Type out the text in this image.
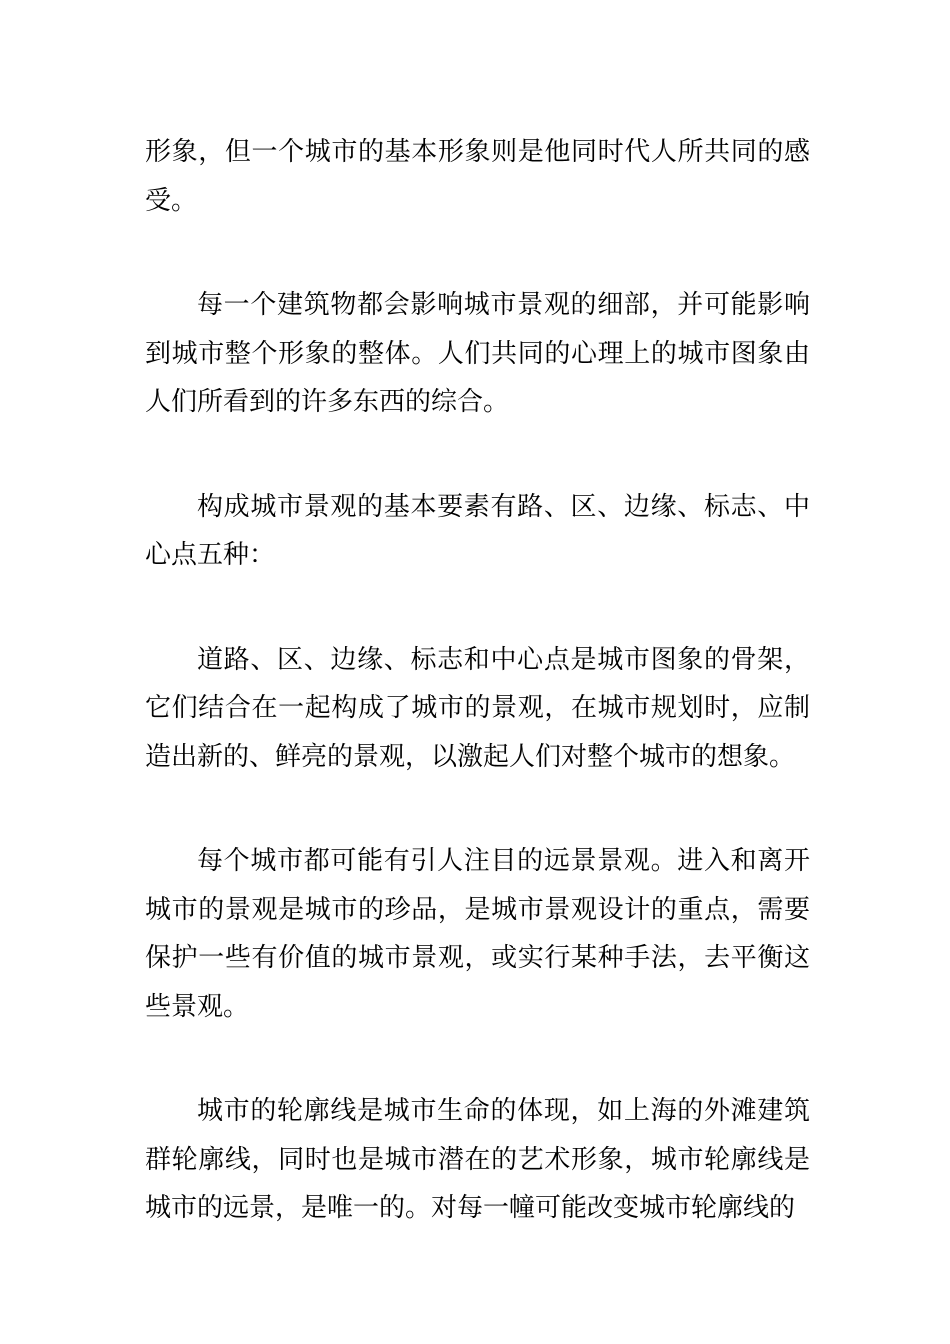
形象，但一个城市的基本形象则是他同时代人所共同的感受。

每一个建筑物都会影响城市景观的细部，并可能影响到城市整个形象的整体。人们共同的心理上的城市图象由人们所看到的许多东西的综合。

构成城市景观的基本要素有路、区、边缘、标志、中心点五种：

道路、区、边缘、标志和中心点是城市图象的骨架，它们结合在一起构成了城市的景观，在城市规划时，应制造出新的、鲜亮的景观，以激起人们对整个城市的想象。

每个城市都可能有引人注目的远景景观。进入和离开城市的景观是城市的珍品，是城市景观设计的重点，需要保护一些有价值的城市景观，或实行某种手法，去平衡这些景观。

城市的轮廓线是城市生命的体现，如上海的外滩建筑群轮廓线，同时也是城市潜在的艺术形象，城市轮廓线是城市的远景，是唯一的。对每一幢可能改变城市轮廓线的
